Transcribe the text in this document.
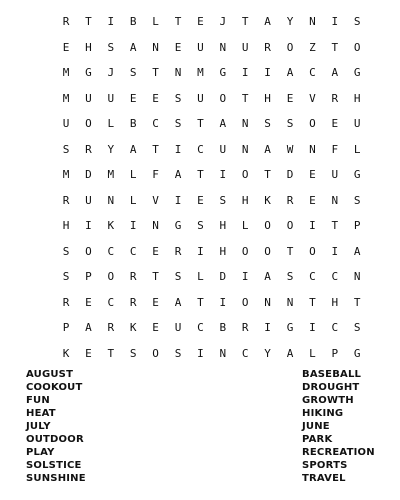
R	T	I	B	L	T	E	J	T	A	Y	N	I	S
E	H	S	A	N	E	U	N	U	R	O	Z	T	O
M	G	J	S	T	N	M	G	I	I	A	C	A	G
M	U	U	E	E	S	U	O	T	H	E	V	R	H
U	O	L	B	C	S	T	A	N	S	S	O	E	U
S	R	Y	A	T	I	C	U	N	A	W	N	F	L
M	D	M	L	F	A	T	I	O	T	D	E	U	G
R	U	N	L	V	I	E	S	H	K	R	E	N	S
H	I	K	I	N	G	S	H	L	O	O	I	T	P
S	O	C	C	E	R	I	H	O	O	T	O	I	A
S	P	O	R	T	S	L	D	I	A	S	C	C	N
R	E	C	R	E	A	T	I	O	N	N	T	H	T
P	A	R	K	E	U	C	B	R	I	G	I	C	S
K	E	T	S	O	S	I	N	C	Y	A	L	P	G
AUGUST
COOKOUT
FUN
HEAT
JULY
OUTDOOR
PLAY
SOLSTICE
SUNSHINE
BASEBALL
DROUGHT
GROWTH
HIKING
JUNE
PARK
RECREATION
SPORTS
TRAVEL
